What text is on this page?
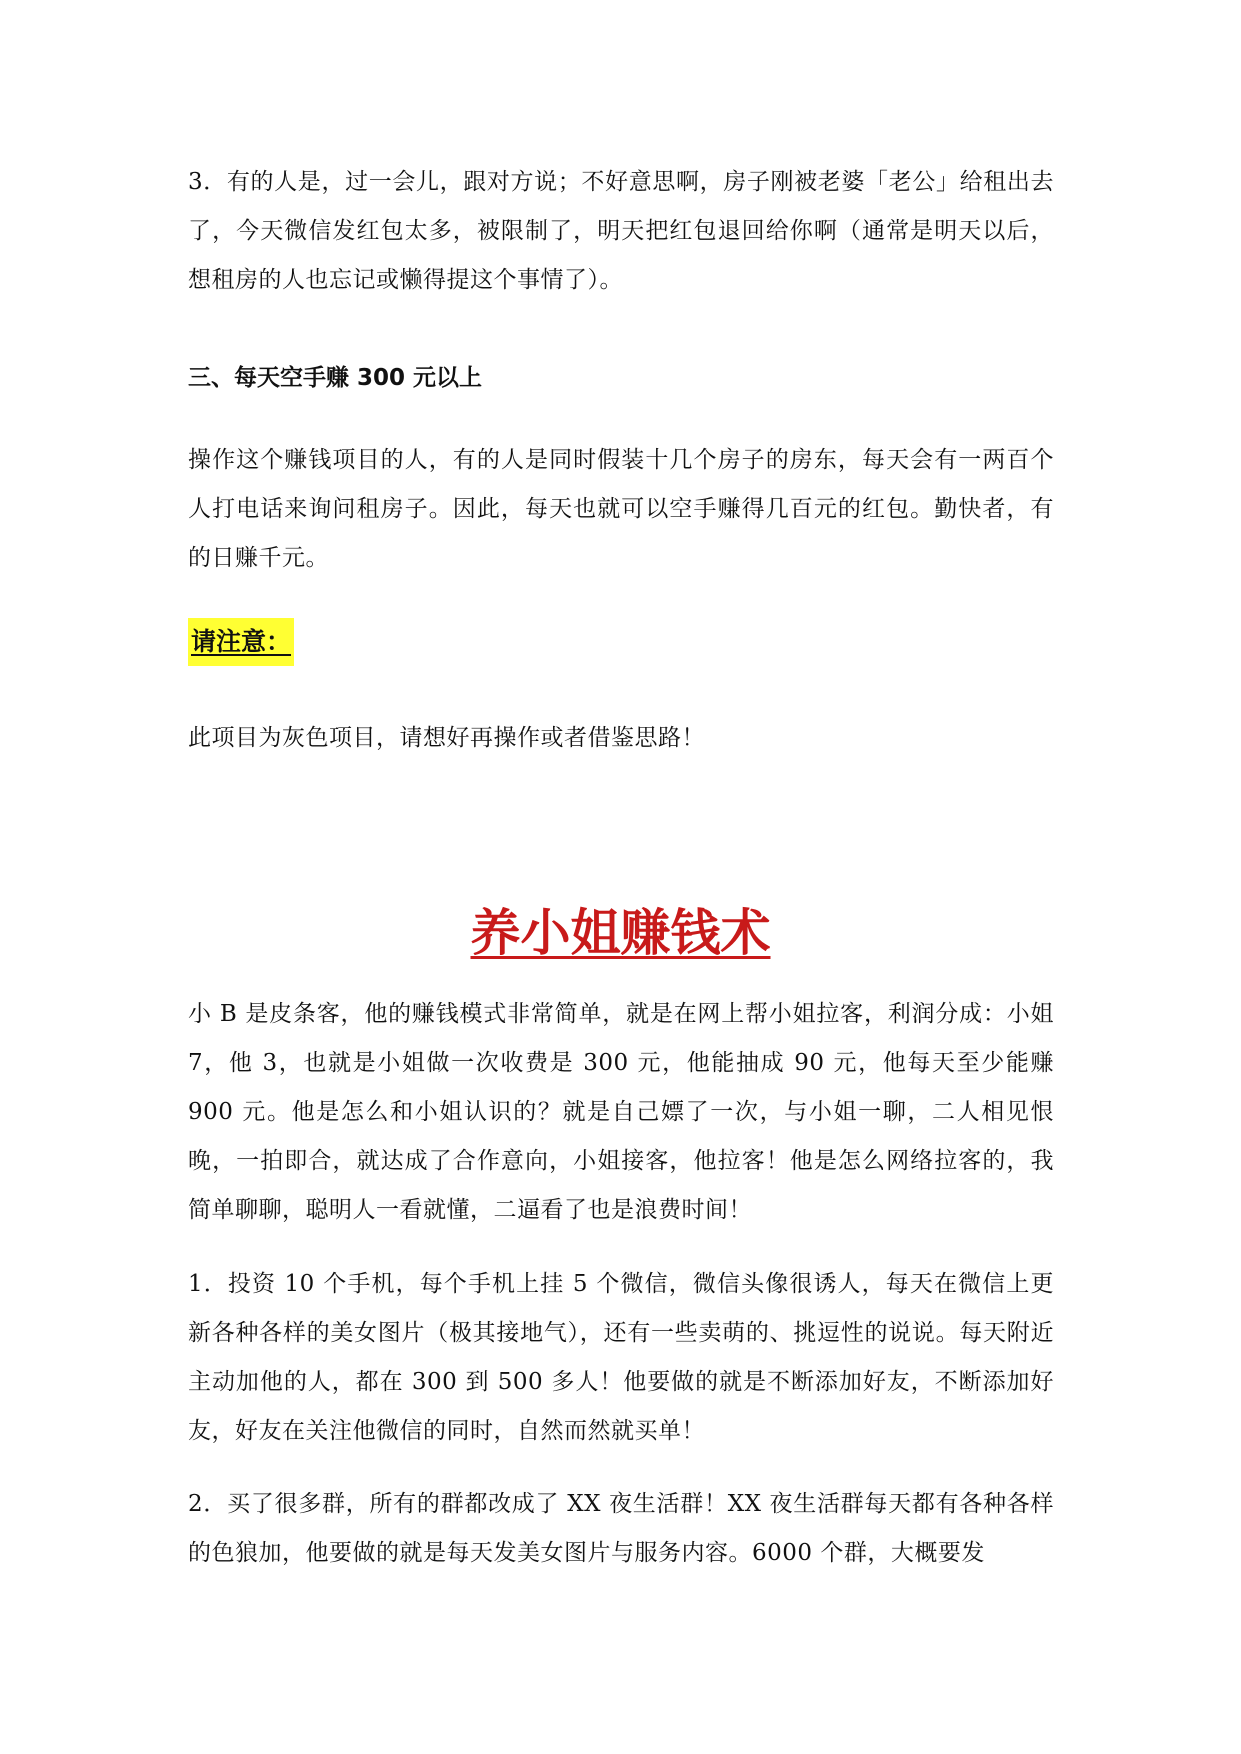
3．有的人是，过一会儿，跟对方说；不好意思啊，房子刚被老婆「老公」给租出去了，今天微信发红包太多，被限制了，明天把红包退回给你啊（通常是明天以后，想租房的人也忘记或懒得提这个事情了）。

三、每天空手赚 300 元以上

操作这个赚钱项目的人，有的人是同时假装十几个房子的房东，每天会有一两百个人打电话来询问租房子。因此，每天也就可以空手赚得几百元的红包。勤快者，有的日赚千元。

请注意：

此项目为灰色项目，请想好再操作或者借鉴思路！

养小姐赚钱术

小 B 是皮条客，他的赚钱模式非常简单，就是在网上帮小姐拉客，利润分成：小姐 7，他 3，也就是小姐做一次收费是 300 元，他能抽成 90 元，他每天至少能赚 900 元。他是怎么和小姐认识的？就是自己嫖了一次，与小姐一聊，二人相见恨晚，一拍即合，就达成了合作意向，小姐接客，他拉客！他是怎么网络拉客的，我简单聊聊，聪明人一看就懂，二逼看了也是浪费时间！

1．投资 10 个手机，每个手机上挂 5 个微信，微信头像很诱人，每天在微信上更新各种各样的美女图片（极其接地气），还有一些卖萌的、挑逗性的说说。每天附近主动加他的人，都在 300 到 500 多人！他要做的就是不断添加好友，不断添加好友，好友在关注他微信的同时，自然而然就买单！

2．买了很多群，所有的群都改成了 XX 夜生活群！XX 夜生活群每天都有各种各样的色狼加，他要做的就是每天发美女图片与服务内容。6000 个群，大概要发
